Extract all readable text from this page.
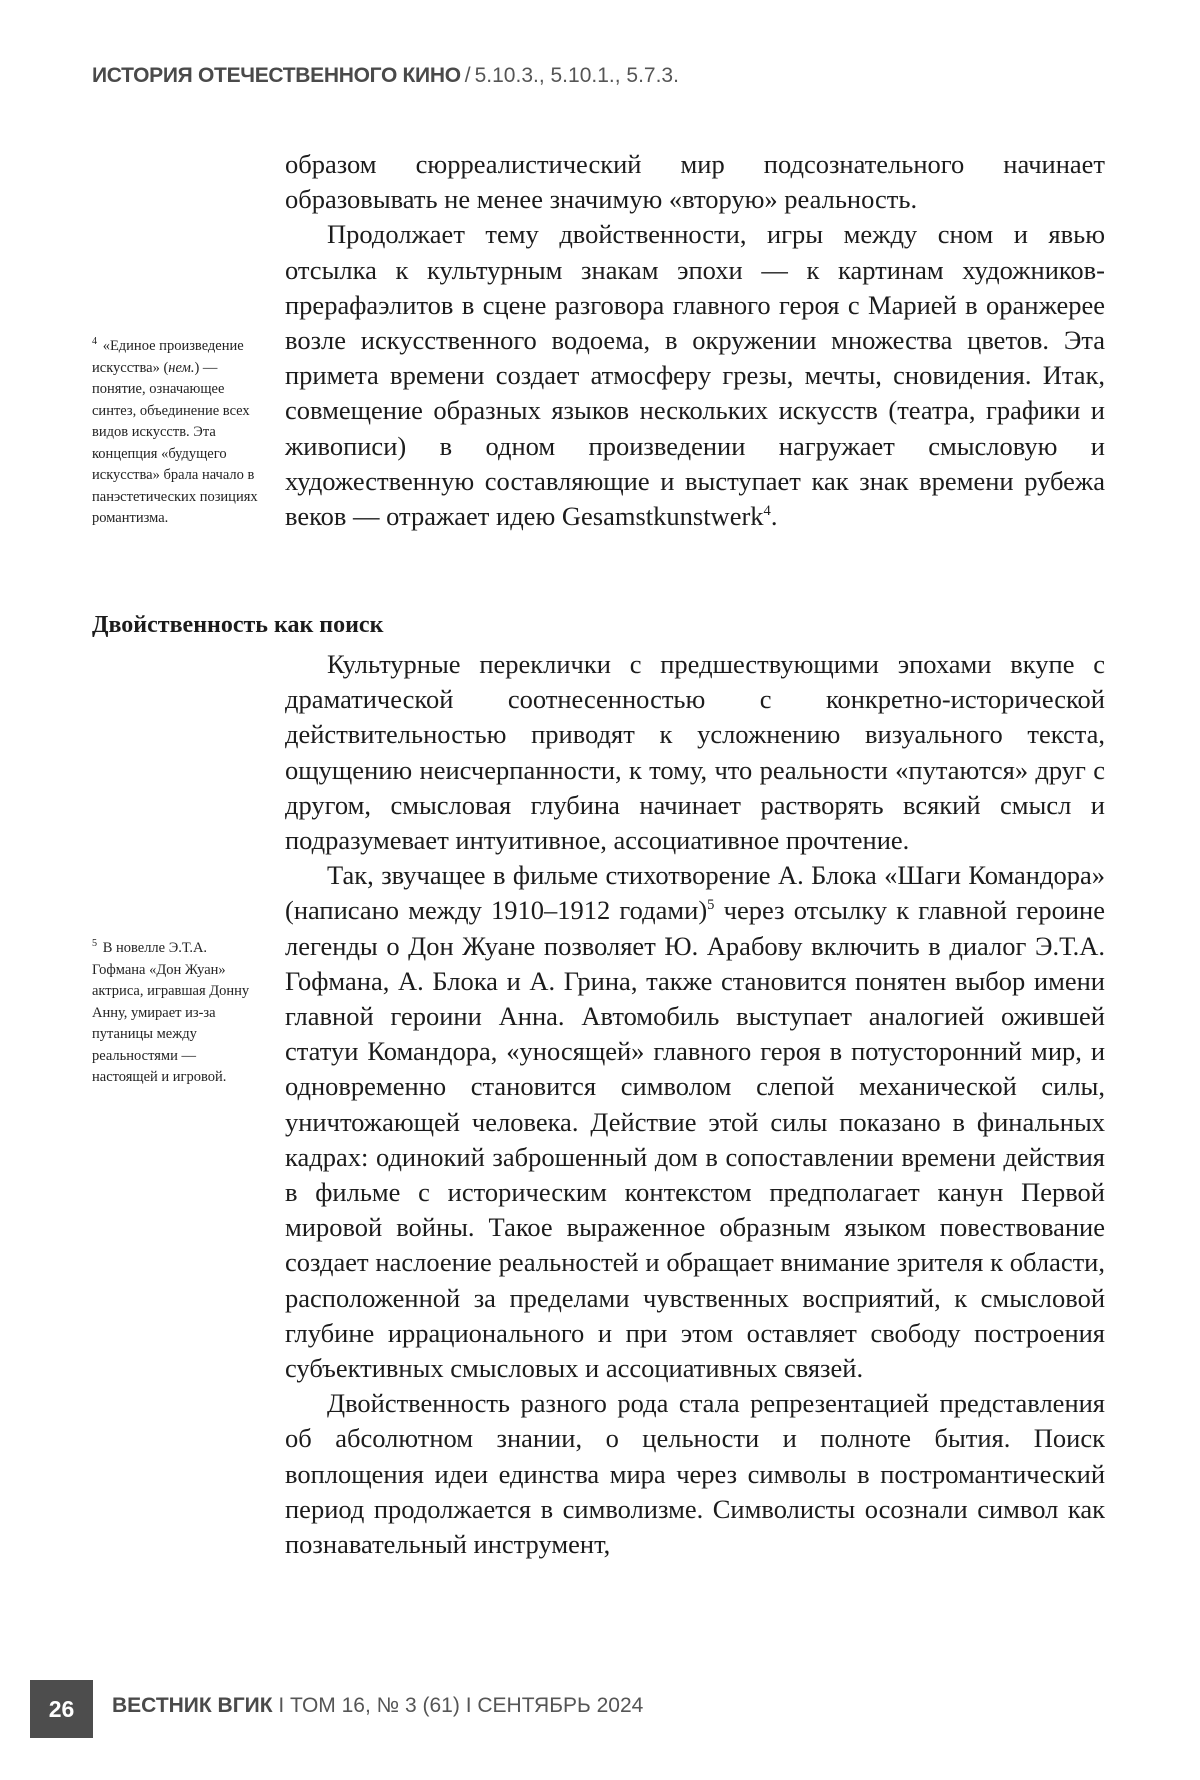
ИСТОРИЯ ОТЕЧЕСТВЕННОГО КИНО / 5.10.3., 5.10.1., 5.7.3.

образом сюрреалистический мир подсознательного начинает образовывать не менее значимую «вторую» реальность.

Продолжает тему двойственности, игры между сном и явью отсылка к культурным знакам эпохи — к картинам художников-прерафаэлитов в сцене разговора главного героя с Марией в оранжерее возле искусственного водоема, в окружении множества цветов. Эта примета времени создает атмосферу грезы, мечты, сновидения. Итак, совмещение образных языков нескольких искусств (театра, графики и живописи) в одном произведении нагружает смысловую и художественную составляющие и выступает как знак времени рубежа веков — отражает идею Gesamstkunstwerk$^4$.

$^4$ «Единое произведение искусства» (нем.) — понятие, означающее синтез, объединение всех видов искусств. Эта концепция «будущего искусства» брала начало в панэстетических позициях романтизма.
Двойственность как поиск

Культурные переклички с предшествующими эпохами вкупе с драматической соотнесенностью с конкретно-исторической действительностью приводят к усложнению визуального текста, ощущению неисчерпанности, к тому, что реальности «путаются» друг с другом, смысловая глубина начинает растворять всякий смысл и подразумевает интуитивное, ассоциативное прочтение.

Так, звучащее в фильме стихотворение А. Блока «Шаги Командора» (написано между 1910–1912 годами)$^5$ через отсылку к главной героине легенды о Дон Жуане позволяет Ю. Арабову включить в диалог Э.Т.А. Гофмана, А. Блока и А. Грина, также становится понятен выбор имени главной героини Анна. Автомобиль выступает аналогией ожившей статуи Командора, «уносящей» главного героя в потусторонний мир, и одновременно становится символом слепой механической силы, уничтожающей человека. Действие этой силы показано в финальных кадрах: одинокий заброшенный дом в сопоставлении времени действия в фильме с историческим контекстом предполагает канун Первой мировой войны. Такое выраженное образным языком повествование создает наслоение реальностей и обращает внимание зрителя к области, расположенной за пределами чувственных восприятий, к смысловой глубине иррационального и при этом оставляет свободу построения субъективных смысловых и ассоциативных связей.

Двойственность разного рода стала репрезентацией представления об абсолютном знании, о цельности и полноте бытия. Поиск воплощения идеи единства мира через символы в постромантический период продолжается в символизме. Символисты осознали символ как познавательный инструмент,

$^5$ В новелле Э.Т.А. Гофмана «Дон Жуан» актриса, игравшая Донну Анну, умирает из-за путаницы между реальностями — настоящей и игровой.
26	ВЕСТНИК ВГИК I ТОМ 16, № 3 (61) I СЕНТЯБРЬ 2024
